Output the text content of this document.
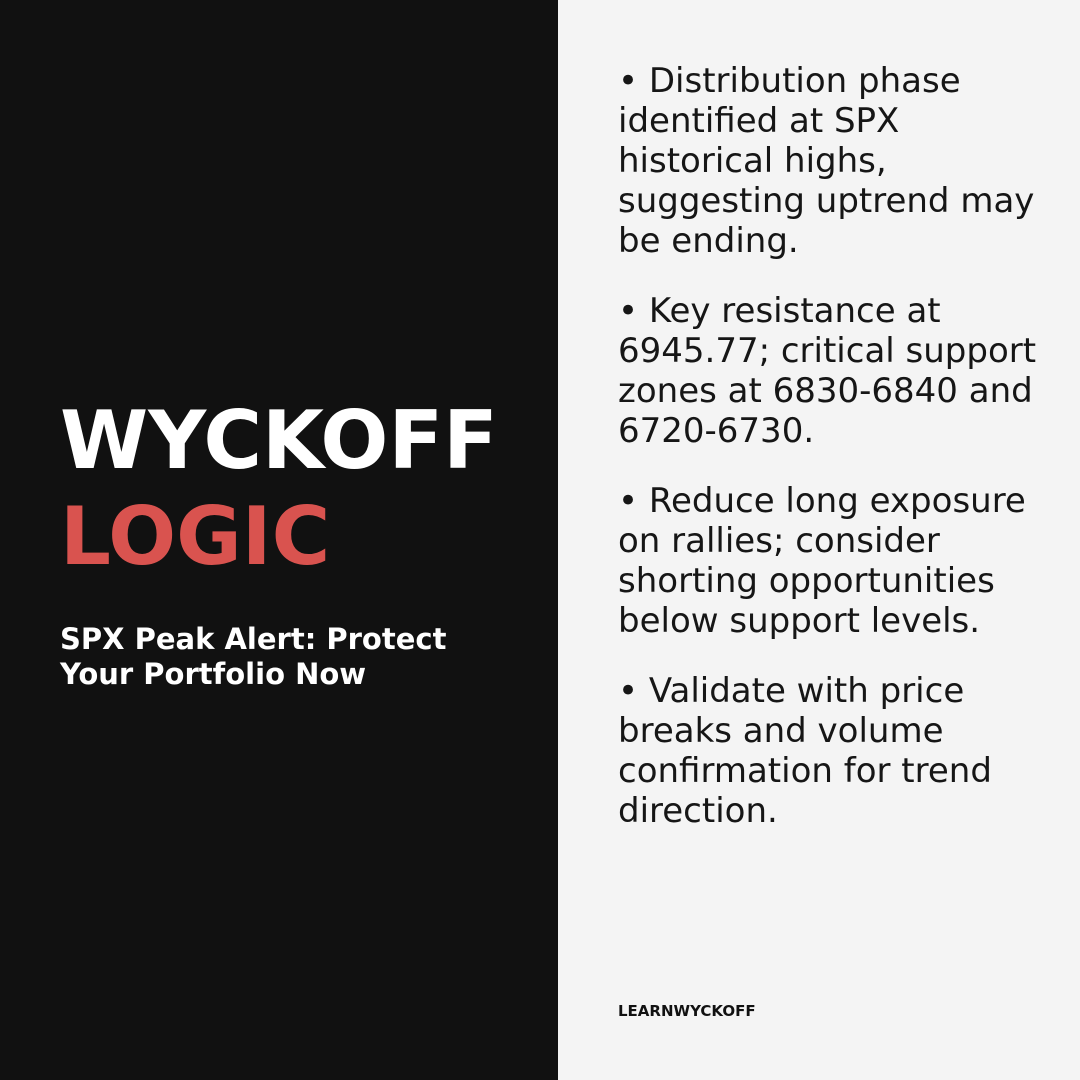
WYCKOFF
LOGIC
SPX Peak Alert: Protect Your Portfolio Now
• Distribution phase identified at SPX historical highs, suggesting uptrend may be ending.
• Key resistance at 6945.77; critical support zones at 6830-6840 and 6720-6730.
• Reduce long exposure on rallies; consider shorting opportunities below support levels.
• Validate with price breaks and volume confirmation for trend direction.
LEARNWYCKOFF
